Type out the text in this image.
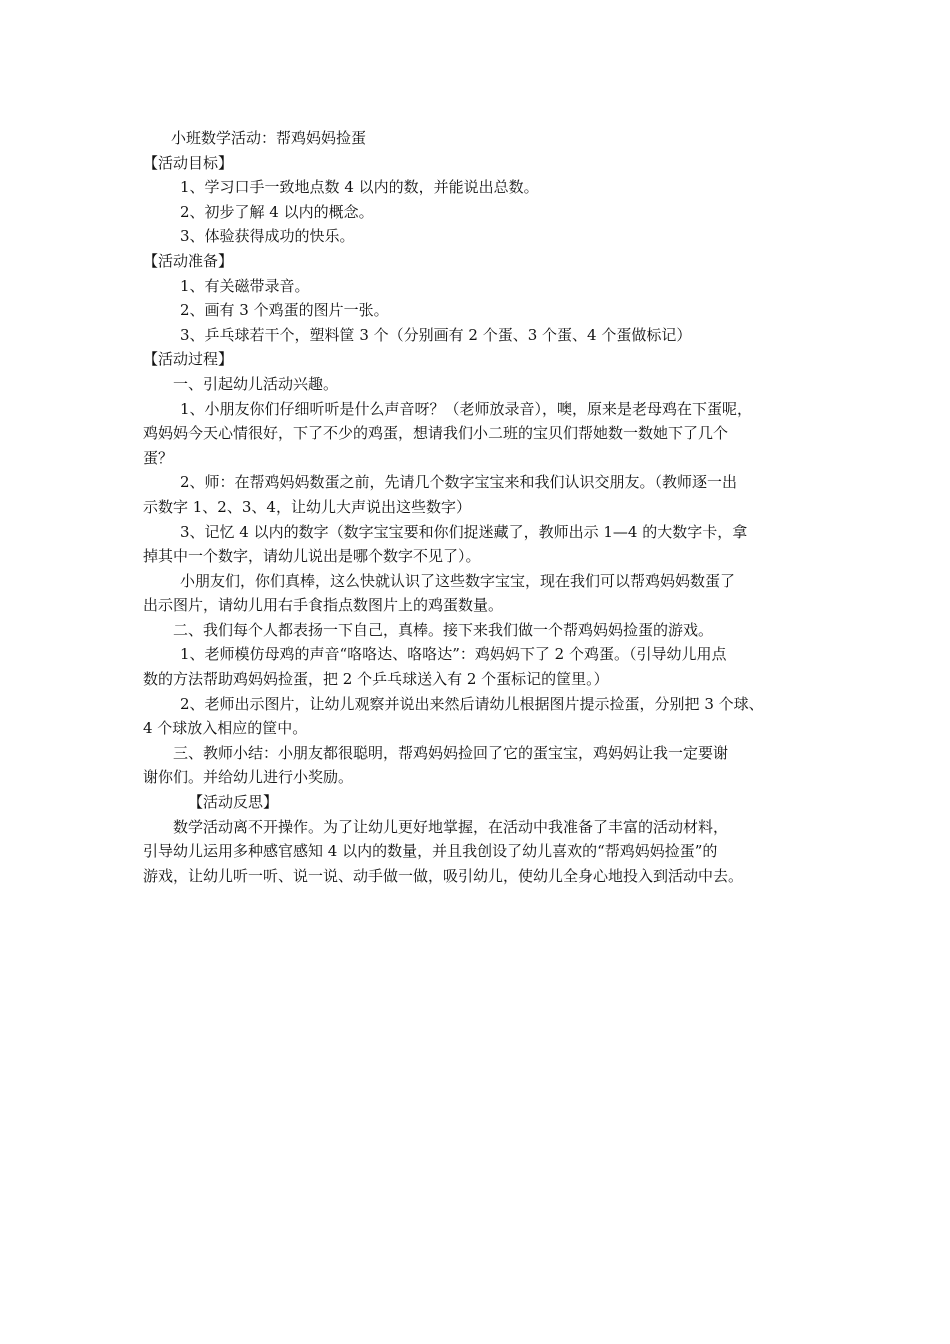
小班数学活动：帮鸡妈妈捡蛋
【活动目标】
1、学习口手一致地点数 4 以内的数，并能说出总数。
2、初步了解 4 以内的概念。
3、体验获得成功的快乐。
【活动准备】
1、有关磁带录音。
2、画有 3 个鸡蛋的图片一张。
3、乒乓球若干个，塑料筐 3 个（分别画有 2 个蛋、3 个蛋、4 个蛋做标记）
【活动过程】
一、引起幼儿活动兴趣。
1、小朋友你们仔细听听是什么声音呀？（老师放录音），噢，原来是老母鸡在下蛋呢，
鸡妈妈今天心情很好，下了不少的鸡蛋，想请我们小二班的宝贝们帮她数一数她下了几个
蛋？
2、师：在帮鸡妈妈数蛋之前，先请几个数字宝宝来和我们认识交朋友。（教师逐一出
示数字 1、2、3、4，让幼儿大声说出这些数字）
3、记忆 4 以内的数字（数字宝宝要和你们捉迷藏了，教师出示 1—4 的大数字卡，拿
掉其中一个数字，请幼儿说出是哪个数字不见了）。
小朋友们，你们真棒，这么快就认识了这些数字宝宝，现在我们可以帮鸡妈妈数蛋了
出示图片，请幼儿用右手食指点数图片上的鸡蛋数量。
二、我们每个人都表扬一下自己，真棒。接下来我们做一个帮鸡妈妈捡蛋的游戏。
1、老师模仿母鸡的声音“咯咯达、咯咯达”：鸡妈妈下了 2 个鸡蛋。（引导幼儿用点
数的方法帮助鸡妈妈捡蛋，把 2 个乒乓球送入有 2 个蛋标记的筐里。）
2、老师出示图片，让幼儿观察并说出来然后请幼儿根据图片提示捡蛋，分别把 3 个球、
4 个球放入相应的筐中。
三、教师小结：小朋友都很聪明，帮鸡妈妈捡回了它的蛋宝宝，鸡妈妈让我一定要谢
谢你们。并给幼儿进行小奖励。
【活动反思】
数学活动离不开操作。为了让幼儿更好地掌握，在活动中我准备了丰富的活动材料，
引导幼儿运用多种感官感知 4 以内的数量，并且我创设了幼儿喜欢的“帮鸡妈妈捡蛋”的
游戏，让幼儿听一听、说一说、动手做一做，吸引幼儿，使幼儿全身心地投入到活动中去。
